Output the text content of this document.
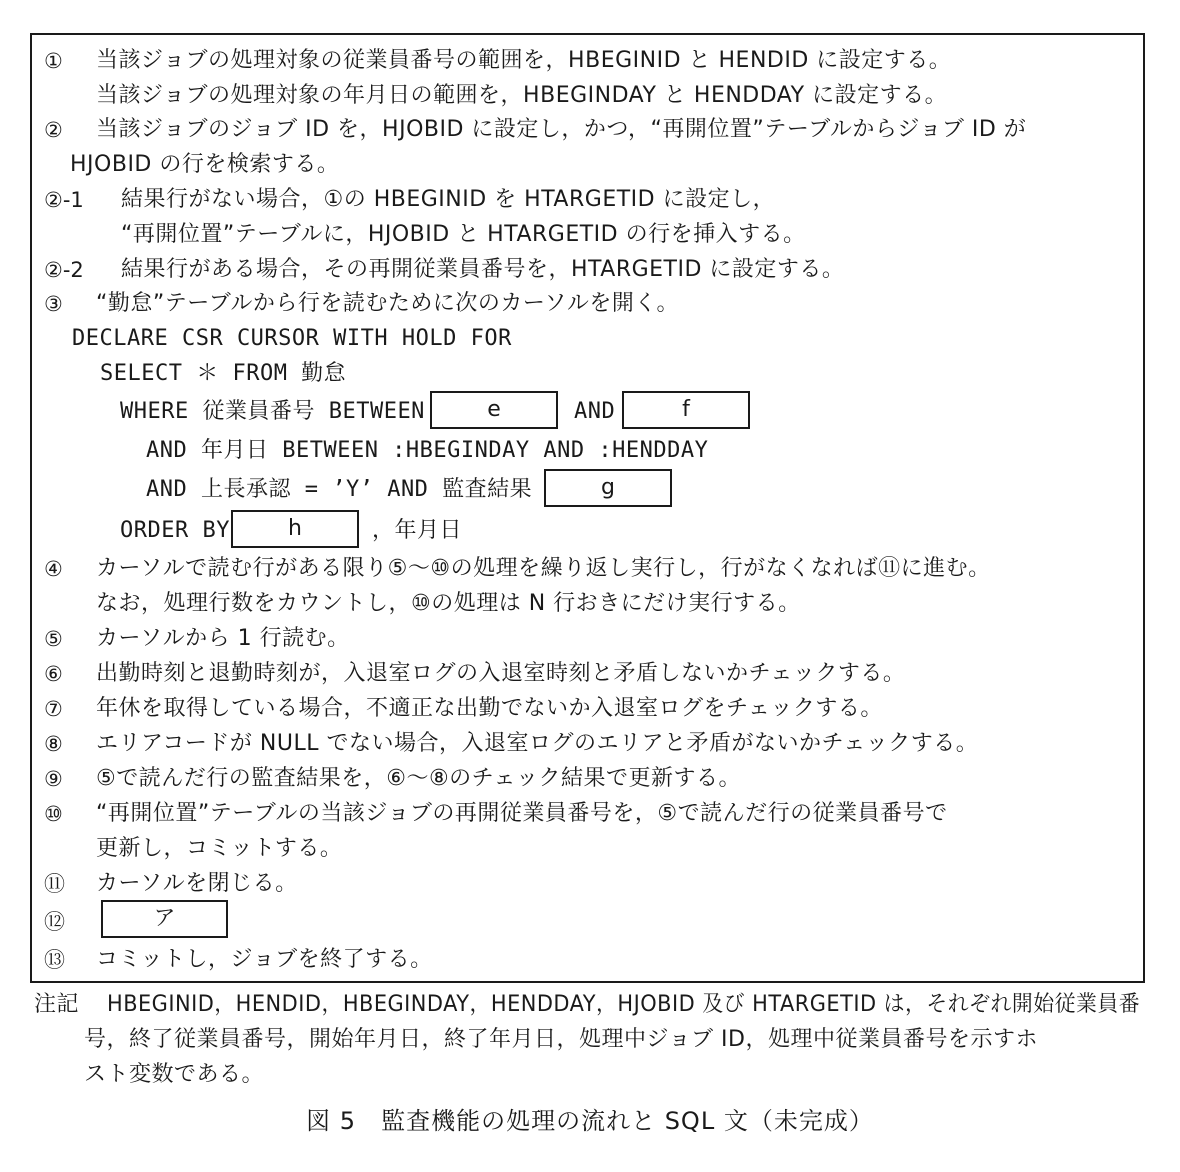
①	当該ジョブの処理対象の従業員番号の範囲を，HBEGINID と HENDID に設定する。
当該ジョブの処理対象の年月日の範囲を，HBEGINDAY と HENDDAY に設定する。
②	当該ジョブのジョブ ID を，HJOBID に設定し，かつ，“再開位置”テーブルからジョブ ID が
HJOBID の行を検索する。
②-1	結果行がない場合，①の HBEGINID を HTARGETID に設定し，
“再開位置”テーブルに，HJOBID と HTARGETID の行を挿入する。
②-2	結果行がある場合，その再開従業員番号を，HTARGETID に設定する。
③	“勤怠”テーブルから行を読むために次のカーソルを開く。
DECLARE CSR CURSOR WITH HOLD FOR
SELECT ＊ FROM 勤怠
WHERE 従業員番号 BETWEEN	e	AND	f
AND 年月日 BETWEEN :HBEGINDAY AND :HENDDAY
AND 上長承認 = ’Y’ AND 監査結果	g
ORDER BY	h	，年月日
④	カーソルで読む行がある限り⑤～⑩の処理を繰り返し実行し，行がなくなれば⑪に進む。
なお，処理行数をカウントし，⑩の処理は N 行おきにだけ実行する。
⑤	カーソルから 1 行読む。
⑥	出勤時刻と退勤時刻が，入退室ログの入退室時刻と矛盾しないかチェックする。
⑦	年休を取得している場合，不適正な出勤でないか入退室ログをチェックする。
⑧	エリアコードが NULL でない場合，入退室ログのエリアと矛盾がないかチェックする。
⑨	⑤で読んだ行の監査結果を，⑥～⑧のチェック結果で更新する。
⑩	“再開位置”テーブルの当該ジョブの再開従業員番号を，⑤で読んだ行の従業員番号で
更新し，コミットする。
⑪	カーソルを閉じる。
⑫	ア
⑬	コミットし，ジョブを終了する。
注記 HBEGINID，HENDID，HBEGINDAY，HENDDAY，HJOBID 及び HTARGETID は，それぞれ開始従業員番
号，終了従業員番号，開始年月日，終了年月日，処理中ジョブ ID，処理中従業員番号を示すホ
スト変数である。
図 5　監査機能の処理の流れと SQL 文（未完成）
